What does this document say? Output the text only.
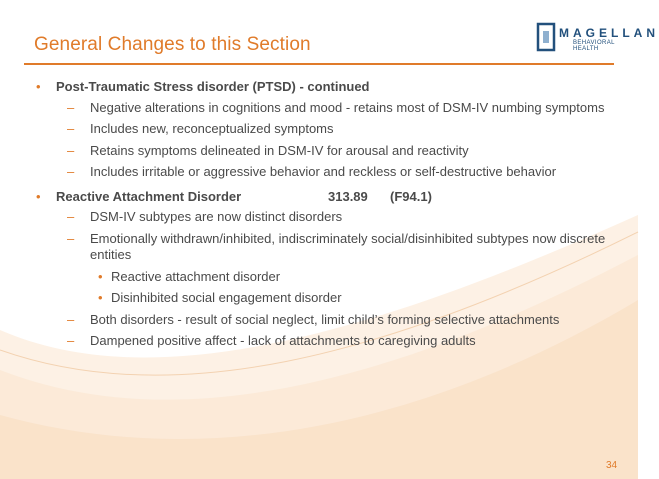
General Changes to this Section
MAGELLAN
BEHAVIORAL HEALTH
• Post-Traumatic Stress disorder (PTSD) - continued
– Negative alterations in cognitions and mood - retains most of DSM-IV numbing symptoms
– Includes new, reconceptualized symptoms
– Retains symptoms delineated in DSM-IV for arousal and reactivity
– Includes irritable or aggressive behavior and reckless or self-destructive behavior
• Reactive Attachment Disorder	313.89 (F94.1)
– DSM-IV subtypes are now distinct disorders
– Emotionally withdrawn/inhibited, indiscriminately social/disinhibited subtypes now discrete entities
• Reactive attachment disorder
• Disinhibited social engagement disorder
– Both disorders - result of social neglect, limit child’s forming selective attachments
– Dampened positive affect - lack of attachments to caregiving adults
34
